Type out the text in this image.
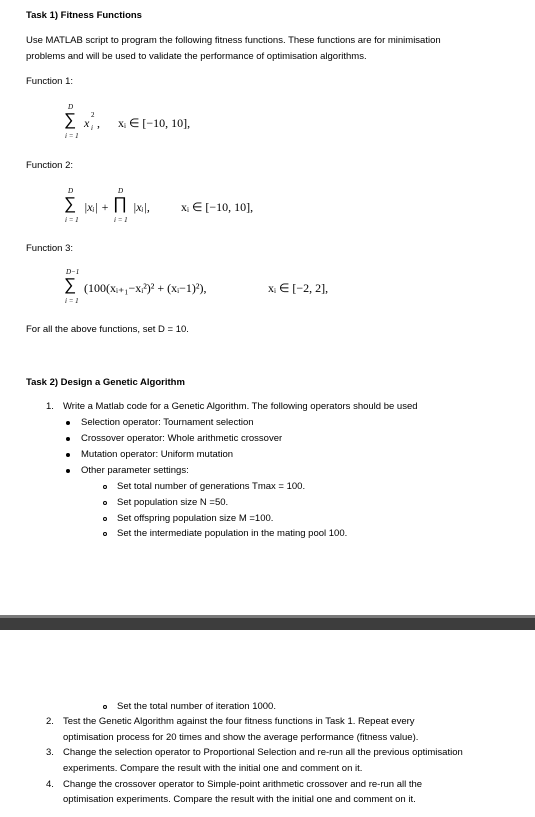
Task 1) Fitness Functions
Use MATLAB script to program the following fitness functions. These functions are for minimisation
problems and will be used to validate the performance of optimisation algorithms.
Function 1:
D
∑
i = 1
x
2
i , xᵢ ∈ [−10, 10],
Function 2:
D
∑
i = 1
|xᵢ| +
D
∏
i = 1
|xᵢ|,	xᵢ ∈ [−10, 10],
Function 3:
D−1
∑
i = 1
(100(xᵢ₊₁−xᵢ²)² + (xᵢ−1)²),	xᵢ ∈ [−2, 2],
For all the above functions, set D = 10.
Task 2) Design a Genetic Algorithm
1. Write a Matlab code for a Genetic Algorithm. The following operators should be used
Selection operator: Tournament selection
Crossover operator: Whole arithmetic crossover
Mutation operator: Uniform mutation
Other parameter settings:
Set total number of generations Tmax = 100.
Set population size N =50.
Set offspring population size M =100.
Set the intermediate population in the mating pool 100.
Set the total number of iteration 1000.
2. Test the Genetic Algorithm against the four fitness functions in Task 1. Repeat every
optimisation process for 20 times and show the average performance (fitness value).
3. Change the selection operator to Proportional Selection and re-run all the previous optimisation
experiments. Compare the result with the initial one and comment on it.
4. Change the crossover operator to Simple-point arithmetic crossover and re-run all the
optimisation experiments. Compare the result with the initial one and comment on it.
